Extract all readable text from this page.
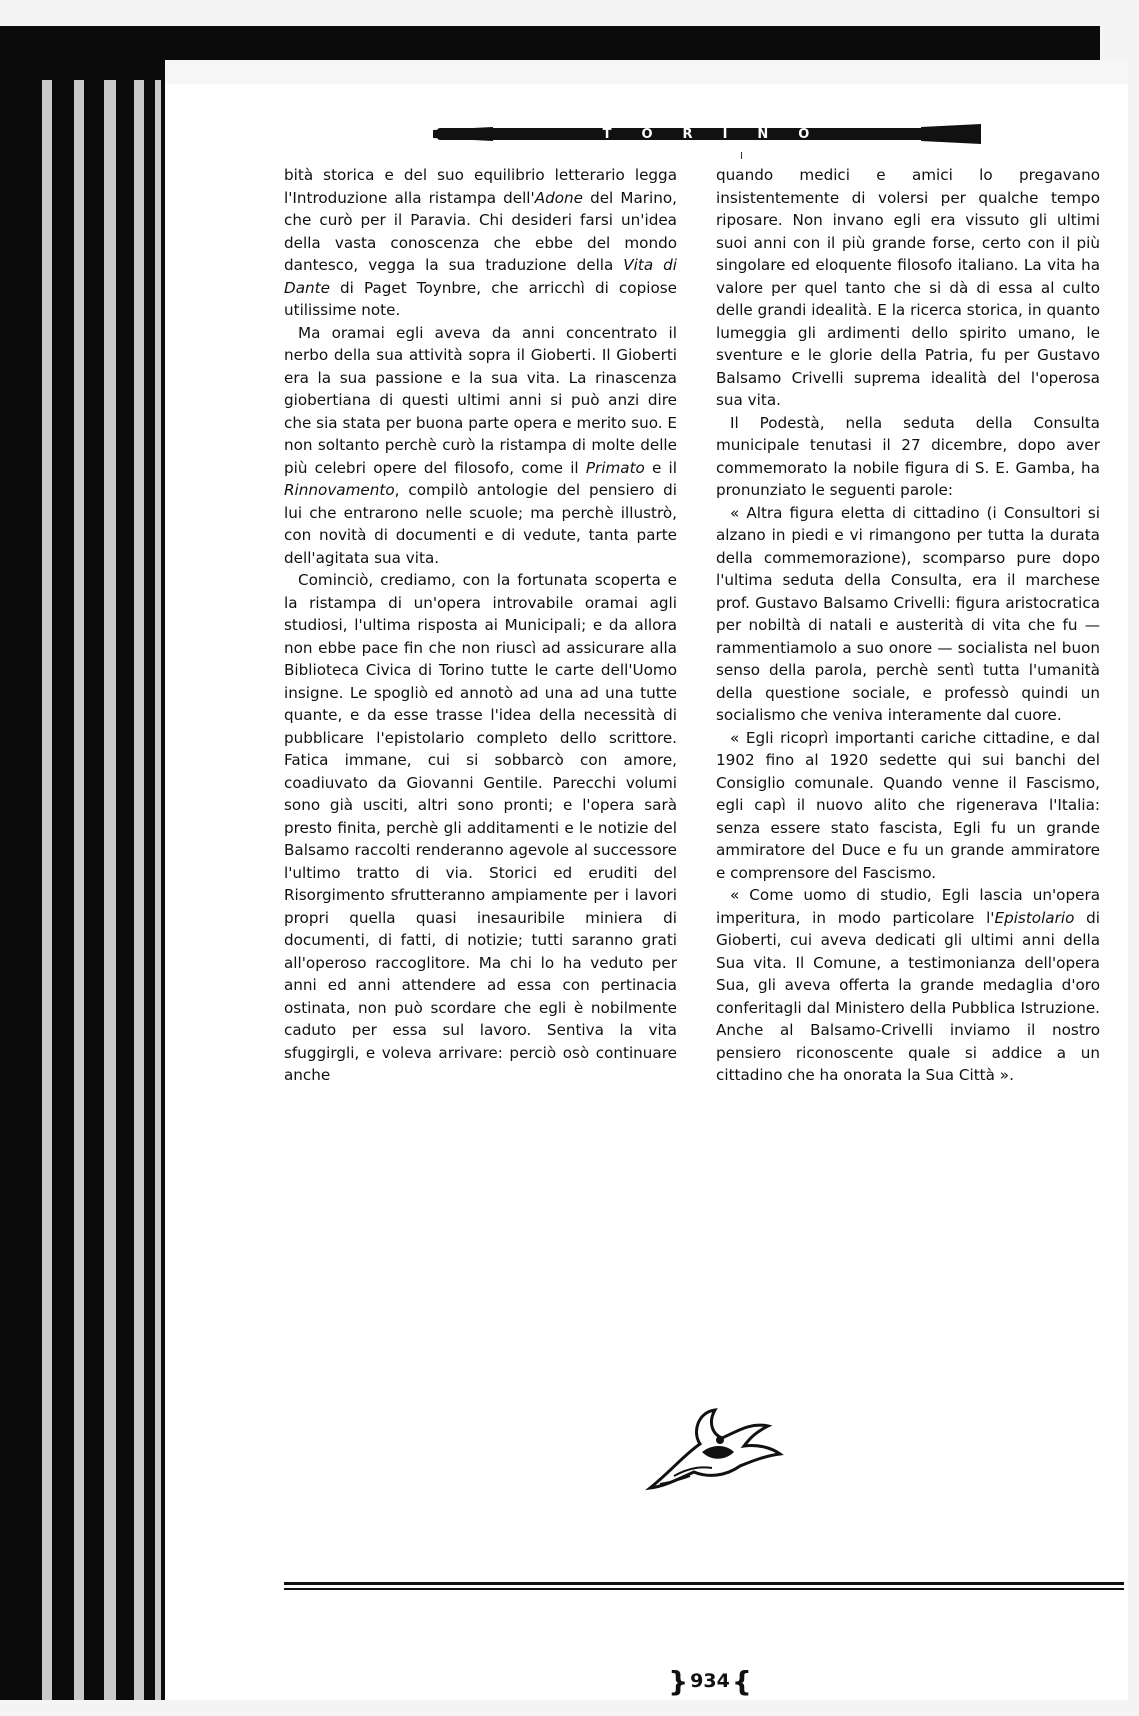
TORINO

bità storica e del suo equilibrio letterario legga l'Introduzione alla ristampa dell'Adone del Marino, che curò per il Paravia. Chi desideri farsi un'idea della vasta conoscenza che ebbe del mondo dantesco, vegga la sua traduzione della Vita di Dante di Paget Toynbre, che arricchì di copiose utilissime note.

Ma oramai egli aveva da anni concentrato il nerbo della sua attività sopra il Gioberti. Il Gioberti era la sua passione e la sua vita. La rinascenza giobertiana di questi ultimi anni si può anzi dire che sia stata per buona parte opera e merito suo. E non soltanto perchè curò la ristampa di molte delle più celebri opere del filosofo, come il Primato e il Rinnovamento, compilò antologie del pensiero di lui che entrarono nelle scuole; ma perchè illustrò, con novità di documenti e di vedute, tanta parte dell'agitata sua vita.

Cominciò, crediamo, con la fortunata scoperta e la ristampa di un'opera introvabile oramai agli studiosi, l'ultima risposta ai Municipali; e da allora non ebbe pace fin che non riuscì ad assicurare alla Biblioteca Civica di Torino tutte le carte dell'Uomo insigne. Le spogliò ed annotò ad una ad una tutte quante, e da esse trasse l'idea della necessità di pubblicare l'epistolario completo dello scrittore. Fatica immane, cui si sobbarcò con amore, coadiuvato da Giovanni Gentile. Parecchi volumi sono già usciti, altri sono pronti; e l'opera sarà presto finita, perchè gli additamenti e le notizie del Balsamo raccolti renderanno agevole al successore l'ultimo tratto di via. Storici ed eruditi del Risorgimento sfrutteranno ampiamente per i lavori propri quella quasi inesauribile miniera di documenti, di fatti, di notizie; tutti saranno grati all'operoso raccoglitore. Ma chi lo ha veduto per anni ed anni attendere ad essa con pertinacia ostinata, non può scordare che egli è nobilmente caduto per essa sul lavoro. Sentiva la vita sfuggirgli, e voleva arrivare: perciò osò continuare anche

quando medici e amici lo pregavano insistentemente di volersi per qualche tempo riposare. Non invano egli era vissuto gli ultimi suoi anni con il più grande forse, certo con il più singolare ed eloquente filosofo italiano. La vita ha valore per quel tanto che si dà di essa al culto delle grandi idealità. E la ricerca storica, in quanto lumeggia gli ardimenti dello spirito umano, le sventure e le glorie della Patria, fu per Gustavo Balsamo Crivelli suprema idealità del l'operosa sua vita.

Il Podestà, nella seduta della Consulta municipale tenutasi il 27 dicembre, dopo aver commemorato la nobile figura di S. E. Gamba, ha pronunziato le seguenti parole:

« Altra figura eletta di cittadino (i Consultori si alzano in piedi e vi rimangono per tutta la durata della commemorazione), scomparso pure dopo l'ultima seduta della Consulta, era il marchese prof. Gustavo Balsamo Crivelli: figura aristocratica per nobiltà di natali e austerità di vita che fu — rammentiamolo a suo onore — socialista nel buon senso della parola, perchè sentì tutta l'umanità della questione sociale, e professò quindi un socialismo che veniva interamente dal cuore.

« Egli ricoprì importanti cariche cittadine, e dal 1902 fino al 1920 sedette qui sui banchi del Consiglio comunale. Quando venne il Fascismo, egli capì il nuovo alito che rigenerava l'Italia: senza essere stato fascista, Egli fu un grande ammiratore del Duce e fu un grande ammiratore e comprensore del Fascismo.

« Come uomo di studio, Egli lascia un'opera imperitura, in modo particolare l'Epistolario di Gioberti, cui aveva dedicati gli ultimi anni della Sua vita. Il Comune, a testimonianza dell'opera Sua, gli aveva offerta la grande medaglia d'oro conferitagli dal Ministero della Pubblica Istruzione. Anche al Balsamo-Crivelli inviamo il nostro pensiero riconoscente quale si addice a un cittadino che ha onorata la Sua Città ».

} 934 {
